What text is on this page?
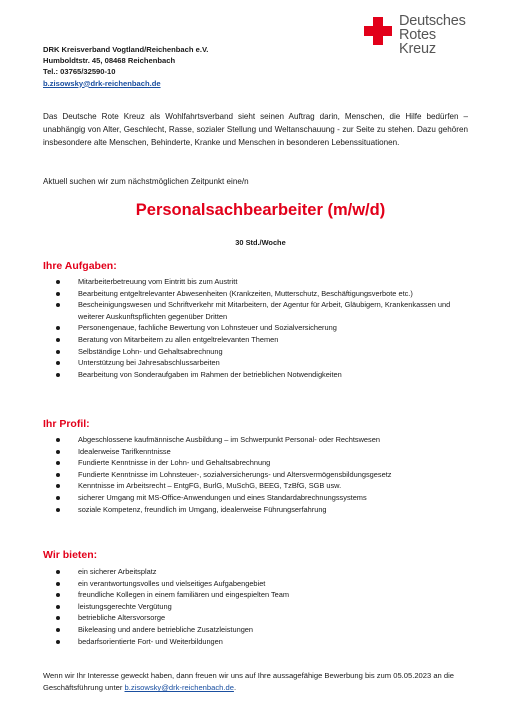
Deutsches
Rotes
Kreuz
DRK Kreisverband Vogtland/Reichenbach e.V.
Humboldtstr. 45, 08468 Reichenbach
Tel.: 03765/32590-10
b.zisowsky@drk-reichenbach.de
Das Deutsche Rote Kreuz als Wohlfahrtsverband sieht seinen Auftrag darin, Menschen, die Hilfe bedürfen – unabhängig von Alter, Geschlecht, Rasse, sozialer Stellung und Weltanschauung - zur Seite zu stehen. Dazu gehören insbesondere alte Menschen, Behinderte, Kranke und Menschen in besonderen Lebenssituationen.
Aktuell suchen wir zum nächstmöglichen Zeitpunkt eine/n
Personalsachbearbeiter (m/w/d)
30 Std./Woche
Ihre Aufgaben:
Mitarbeiterbetreuung vom Eintritt bis zum Austritt
Bearbeitung entgeltrelevanter Abwesenheiten (Krankzeiten, Mutterschutz, Beschäftigungsverbote etc.)
Bescheinigungswesen und Schriftverkehr mit Mitarbeitern, der Agentur für Arbeit, Gläubigern, Krankenkassen und weiterer Auskunftspflichten gegenüber Dritten
Personengenaue, fachliche Bewertung von Lohnsteuer und Sozialversicherung
Beratung von Mitarbeitern zu allen entgeltrelevanten Themen
Selbständige Lohn- und Gehaltsabrechnung
Unterstützung bei Jahresabschlussarbeiten
Bearbeitung von Sonderaufgaben im Rahmen der betrieblichen Notwendigkeiten
Ihr Profil:
Abgeschlossene kaufmännische Ausbildung – im Schwerpunkt Personal- oder Rechtswesen
Idealerweise Tarifkenntnisse
Fundierte Kenntnisse in der Lohn- und Gehaltsabrechnung
Fundierte Kenntnisse im Lohnsteuer-, sozialversicherungs- und Altersvermögensbildungsgesetz
Kenntnisse im Arbeitsrecht – EntgFG, BurlG, MuSchG, BEEG, TzBfG, SGB usw.
sicherer Umgang mit MS-Office-Anwendungen und eines Standardabrechnungssystems
soziale Kompetenz, freundlich im Umgang, idealerweise Führungserfahrung
Wir bieten:
ein sicherer Arbeitsplatz
ein verantwortungsvolles und vielseitiges Aufgabengebiet
freundliche Kollegen in einem familiären und eingespielten Team
leistungsgerechte Vergütung
betriebliche Altersvorsorge
Bikeleasing und andere betriebliche Zusatzleistungen
bedarfsorientierte Fort- und Weiterbildungen
Wenn wir Ihr Interesse geweckt haben, dann freuen wir uns auf Ihre aussagefähige Bewerbung bis zum 05.05.2023 an die Geschäftsführung unter b.zisowsky@drk-reichenbach.de.
